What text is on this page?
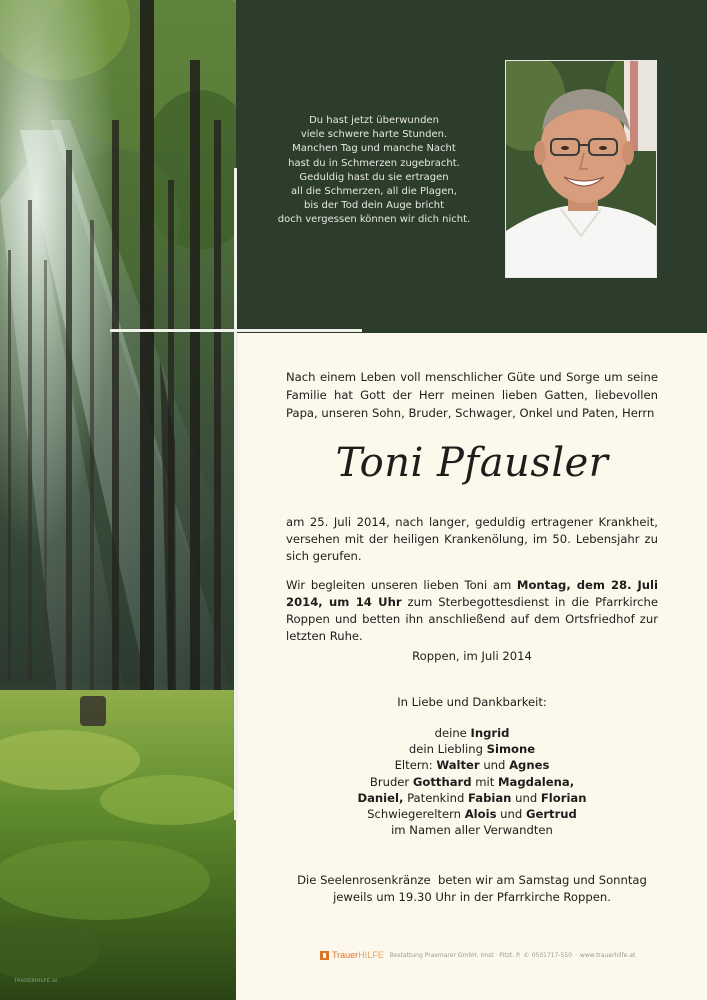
TRAUERHILFE.at
Du hast jetzt überwunden
viele schwere harte Stunden.
Manchen Tag und manche Nacht
hast du in Schmerzen zugebracht.
Geduldig hast du sie ertragen
all die Schmerzen, all die Plagen,
bis der Tod dein Auge bricht
doch vergessen können wir dich nicht.
Nach einem Leben voll menschlicher Güte und Sorge um seine Familie hat Gott der Herr meinen lieben Gatten, liebevollen Papa, unseren Sohn, Bruder, Schwager, Onkel und Paten, Herrn
Toni Pfausler
am 25. Juli 2014, nach langer, geduldig ertragener Krankheit, versehen mit der heiligen Krankenölung, im 50. Lebensjahr zu sich gerufen.
Wir begleiten unseren lieben Toni am Montag, dem 28. Juli 2014, um 14 Uhr zum Sterbegottesdienst in die Pfarrkirche Roppen und betten ihn anschließend auf dem Ortsfriedhof zur letzten Ruhe.
Roppen, im Juli 2014
In Liebe und Dankbarkeit:
deine Ingrid
dein Liebling Simone
Eltern: Walter und Agnes
Bruder Gotthard mit Magdalena,
Daniel, Patenkind Fabian und Florian
Schwiegereltern Alois und Gertrud
im Namen aller Verwandten
Die Seelenrosenkränze  beten wir am Samstag und Sonntag
jeweils um 19.30 Uhr in der Pfarrkirche Roppen.
TrauerHILFE Bestattung Praxmarer GmbH, Imst · Pitzt. P. ✆ 0501717-550 · www.trauerhilfe.at
